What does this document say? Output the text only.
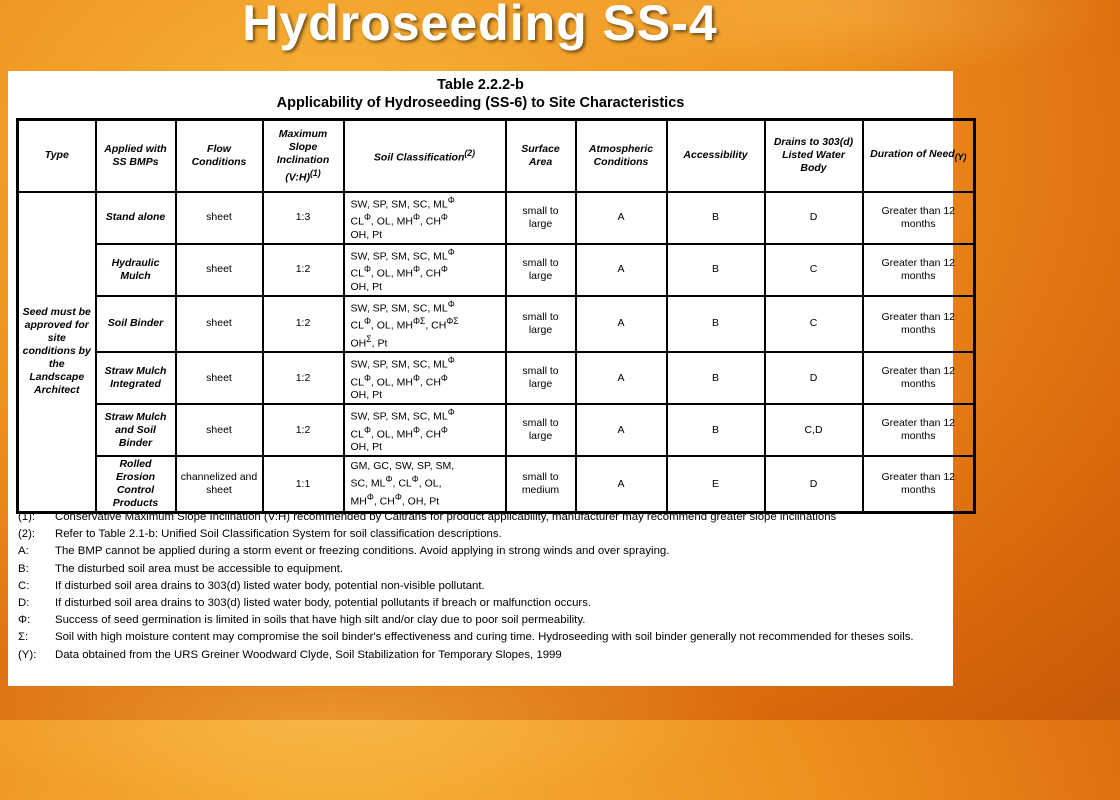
Hydroseeding SS-4
Table 2.2.2-b
Applicability of Hydroseeding (SS-6) to Site Characteristics
Type	Applied with SS BMPs	Flow Conditions	Maximum Slope Inclination (V:H)$^{(1)}$	Soil Classification$^{(2)}$	Surface Area	Atmospheric Conditions	Accessibility	Drains to 303(d) Listed Water Body	Duration of Need$_{(Y)}$
Seed must be approved for site conditions by the Landscape Architect	Stand alone	sheet	1:3	SW, SP, SM, SC, $ML^\Phi$
$CL^\Phi$, OL, $MH^\Phi$, $CH^\Phi$
OH, Pt	small to large	A	B	D	Greater than 12 months
	Hydraulic Mulch	sheet	1:2	SW, SP, SM, SC, $ML^\Phi$
$CL^\Phi$, OL, $MH^\Phi$, $CH^\Phi$
OH, Pt	small to large	A	B	C	Greater than 12 months
	Soil Binder	sheet	1:2	SW, SP, SM, SC, $ML^\Phi$
$CL^\Phi$, OL, $MH^{\Phi\Sigma}$, $CH^{\Phi\Sigma}$
$OH^\Sigma$, Pt	small to large	A	B	C	Greater than 12 months
	Straw Mulch Integrated	sheet	1:2	SW, SP, SM, SC, $ML^\Phi$
$CL^\Phi$, OL, $MH^\Phi$, $CH^\Phi$
OH, Pt	small to large	A	B	D	Greater than 12 months
	Straw Mulch and Soil Binder	sheet	1:2	SW, SP, SM, SC, $ML^\Phi$
$CL^\Phi$, OL, $MH^\Phi$, $CH^\Phi$
OH, Pt	small to large	A	B	C,D	Greater than 12 months
	Rolled Erosion Control Products	channelized and sheet	1:1	GM, GC, SW, SP, SM,
SC, $ML^\Phi$, $CL^\Phi$, OL,
$MH^\Phi$, $CH^\Phi$, OH, Pt	small to medium	A	E	D	Greater than 12 months
(1):	Conservative Maximum Slope Inclination (V:H) recommended by Caltrans for product applicability, manufacturer may recommend greater slope inclinations
(2):	Refer to Table 2.1-b: Unified Soil Classification System for soil classification descriptions.
A:	The BMP cannot be applied during a storm event or freezing conditions. Avoid applying in strong winds and over spraying.
B:	The disturbed soil area must be accessible to equipment.
C:	If disturbed soil area drains to 303(d) listed water body, potential non-visible pollutant.
D:	If disturbed soil area drains to 303(d) listed water body, potential pollutants if breach or malfunction occurs.
Φ:	Success of seed germination is limited in soils that have high silt and/or clay due to poor soil permeability.
Σ:	Soil with high moisture content may compromise the soil binder's effectiveness and curing time. Hydroseeding with soil binder generally not recommended for theses soils.
(Y):	Data obtained from the URS Greiner Woodward Clyde, Soil Stabilization for Temporary Slopes, 1999
